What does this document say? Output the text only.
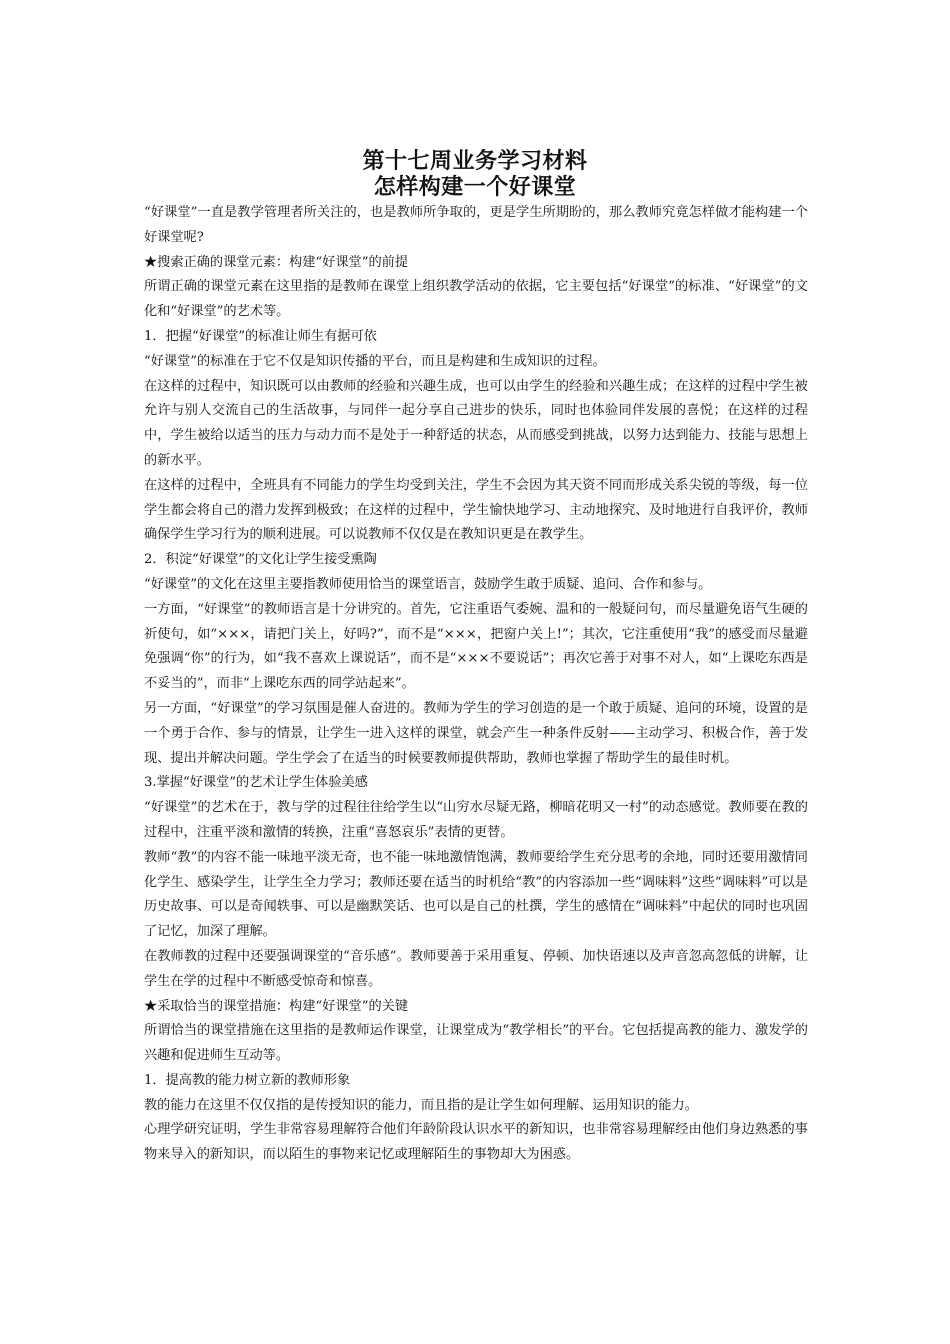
第十七周业务学习材料
怎样构建一个好课堂

“好课堂”一直是教学管理者所关注的，也是教师所争取的，更是学生所期盼的，那么教师究竟怎样做才能构建一个好课堂呢?

★搜索正确的课堂元素：构建“好课堂”的前提

所谓正确的课堂元素在这里指的是教师在课堂上组织教学活动的依据，它主要包括“好课堂”的标准、“好课堂”的文化和“好课堂”的艺术等。

1．把握“好课堂”的标准让师生有据可依

“好课堂”的标准在于它不仅是知识传播的平台，而且是构建和生成知识的过程。

在这样的过程中，知识既可以由教师的经验和兴趣生成，也可以由学生的经验和兴趣生成；在这样的过程中学生被允许与别人交流自己的生活故事，与同伴一起分享自己进步的快乐，同时也体验同伴发展的喜悦；在这样的过程中，学生被给以适当的压力与动力而不是处于一种舒适的状态，从而感受到挑战，以努力达到能力、技能与思想上的新水平。

在这样的过程中，全班具有不同能力的学生均受到关注，学生不会因为其天资不同而形成关系尖锐的等级，每一位学生都会将自己的潜力发挥到极致；在这样的过程中，学生愉快地学习、主动地探究、及时地进行自我评价，教师确保学生学习行为的顺利进展。可以说教师不仅仅是在教知识更是在教学生。

2．积淀“好课堂”的文化让学生接受熏陶

“好课堂”的文化在这里主要指教师使用恰当的课堂语言，鼓励学生敢于质疑、追问、合作和参与。

一方面，“好课堂”的教师语言是十分讲究的。首先，它注重语气委婉、温和的一般疑问句，而尽量避免语气生硬的祈使句，如“×××，请把门关上，好吗?”，而不是“×××，把窗户关上!”；其次，它注重使用“我”的感受而尽量避免强调“你”的行为，如“我不喜欢上课说话”，而不是“×××不要说话”；再次它善于对事不对人，如“上课吃东西是不妥当的”，而非“上课吃东西的同学站起来”。

另一方面，“好课堂”的学习氛围是催人奋进的。教师为学生的学习创造的是一个敢于质疑、追问的环境，设置的是一个勇于合作、参与的情景，让学生一进入这样的课堂，就会产生一种条件反射——主动学习、积极合作，善于发现、提出并解决问题。学生学会了在适当的时候要教师提供帮助，教师也掌握了帮助学生的最佳时机。

3.掌握“好课堂”的艺术让学生体验美感

“好课堂”的艺术在于，教与学的过程往往给学生以“山穷水尽疑无路，柳暗花明又一村”的动态感觉。教师要在教的过程中，注重平淡和激情的转换，注重“喜怒哀乐”表情的更替。

教师“教”的内容不能一味地平淡无奇，也不能一味地激情饱满，教师要给学生充分思考的余地，同时还要用激情同化学生、感染学生，让学生全力学习；教师还要在适当的时机给“教”的内容添加一些“调味料”这些“调味料”可以是历史故事、可以是奇闻轶事、可以是幽默笑话、也可以是自己的杜撰，学生的感情在“调味料”中起伏的同时也巩固了记忆，加深了理解。

在教师教的过程中还要强调课堂的“音乐感”。教师要善于采用重复、停顿、加快语速以及声音忽高忽低的讲解，让学生在学的过程中不断感受惊奇和惊喜。

★采取恰当的课堂措施：构建“好课堂”的关键

所谓恰当的课堂措施在这里指的是教师运作课堂，让课堂成为“教学相长”的平台。它包括提高教的能力、激发学的兴趣和促进师生互动等。

1．提高教的能力树立新的教师形象

教的能力在这里不仅仅指的是传授知识的能力，而且指的是让学生如何理解、运用知识的能力。

心理学研究证明，学生非常容易理解符合他们年龄阶段认识水平的新知识，也非常容易理解经由他们身边熟悉的事物来导入的新知识，而以陌生的事物来记忆或理解陌生的事物却大为困惑。
